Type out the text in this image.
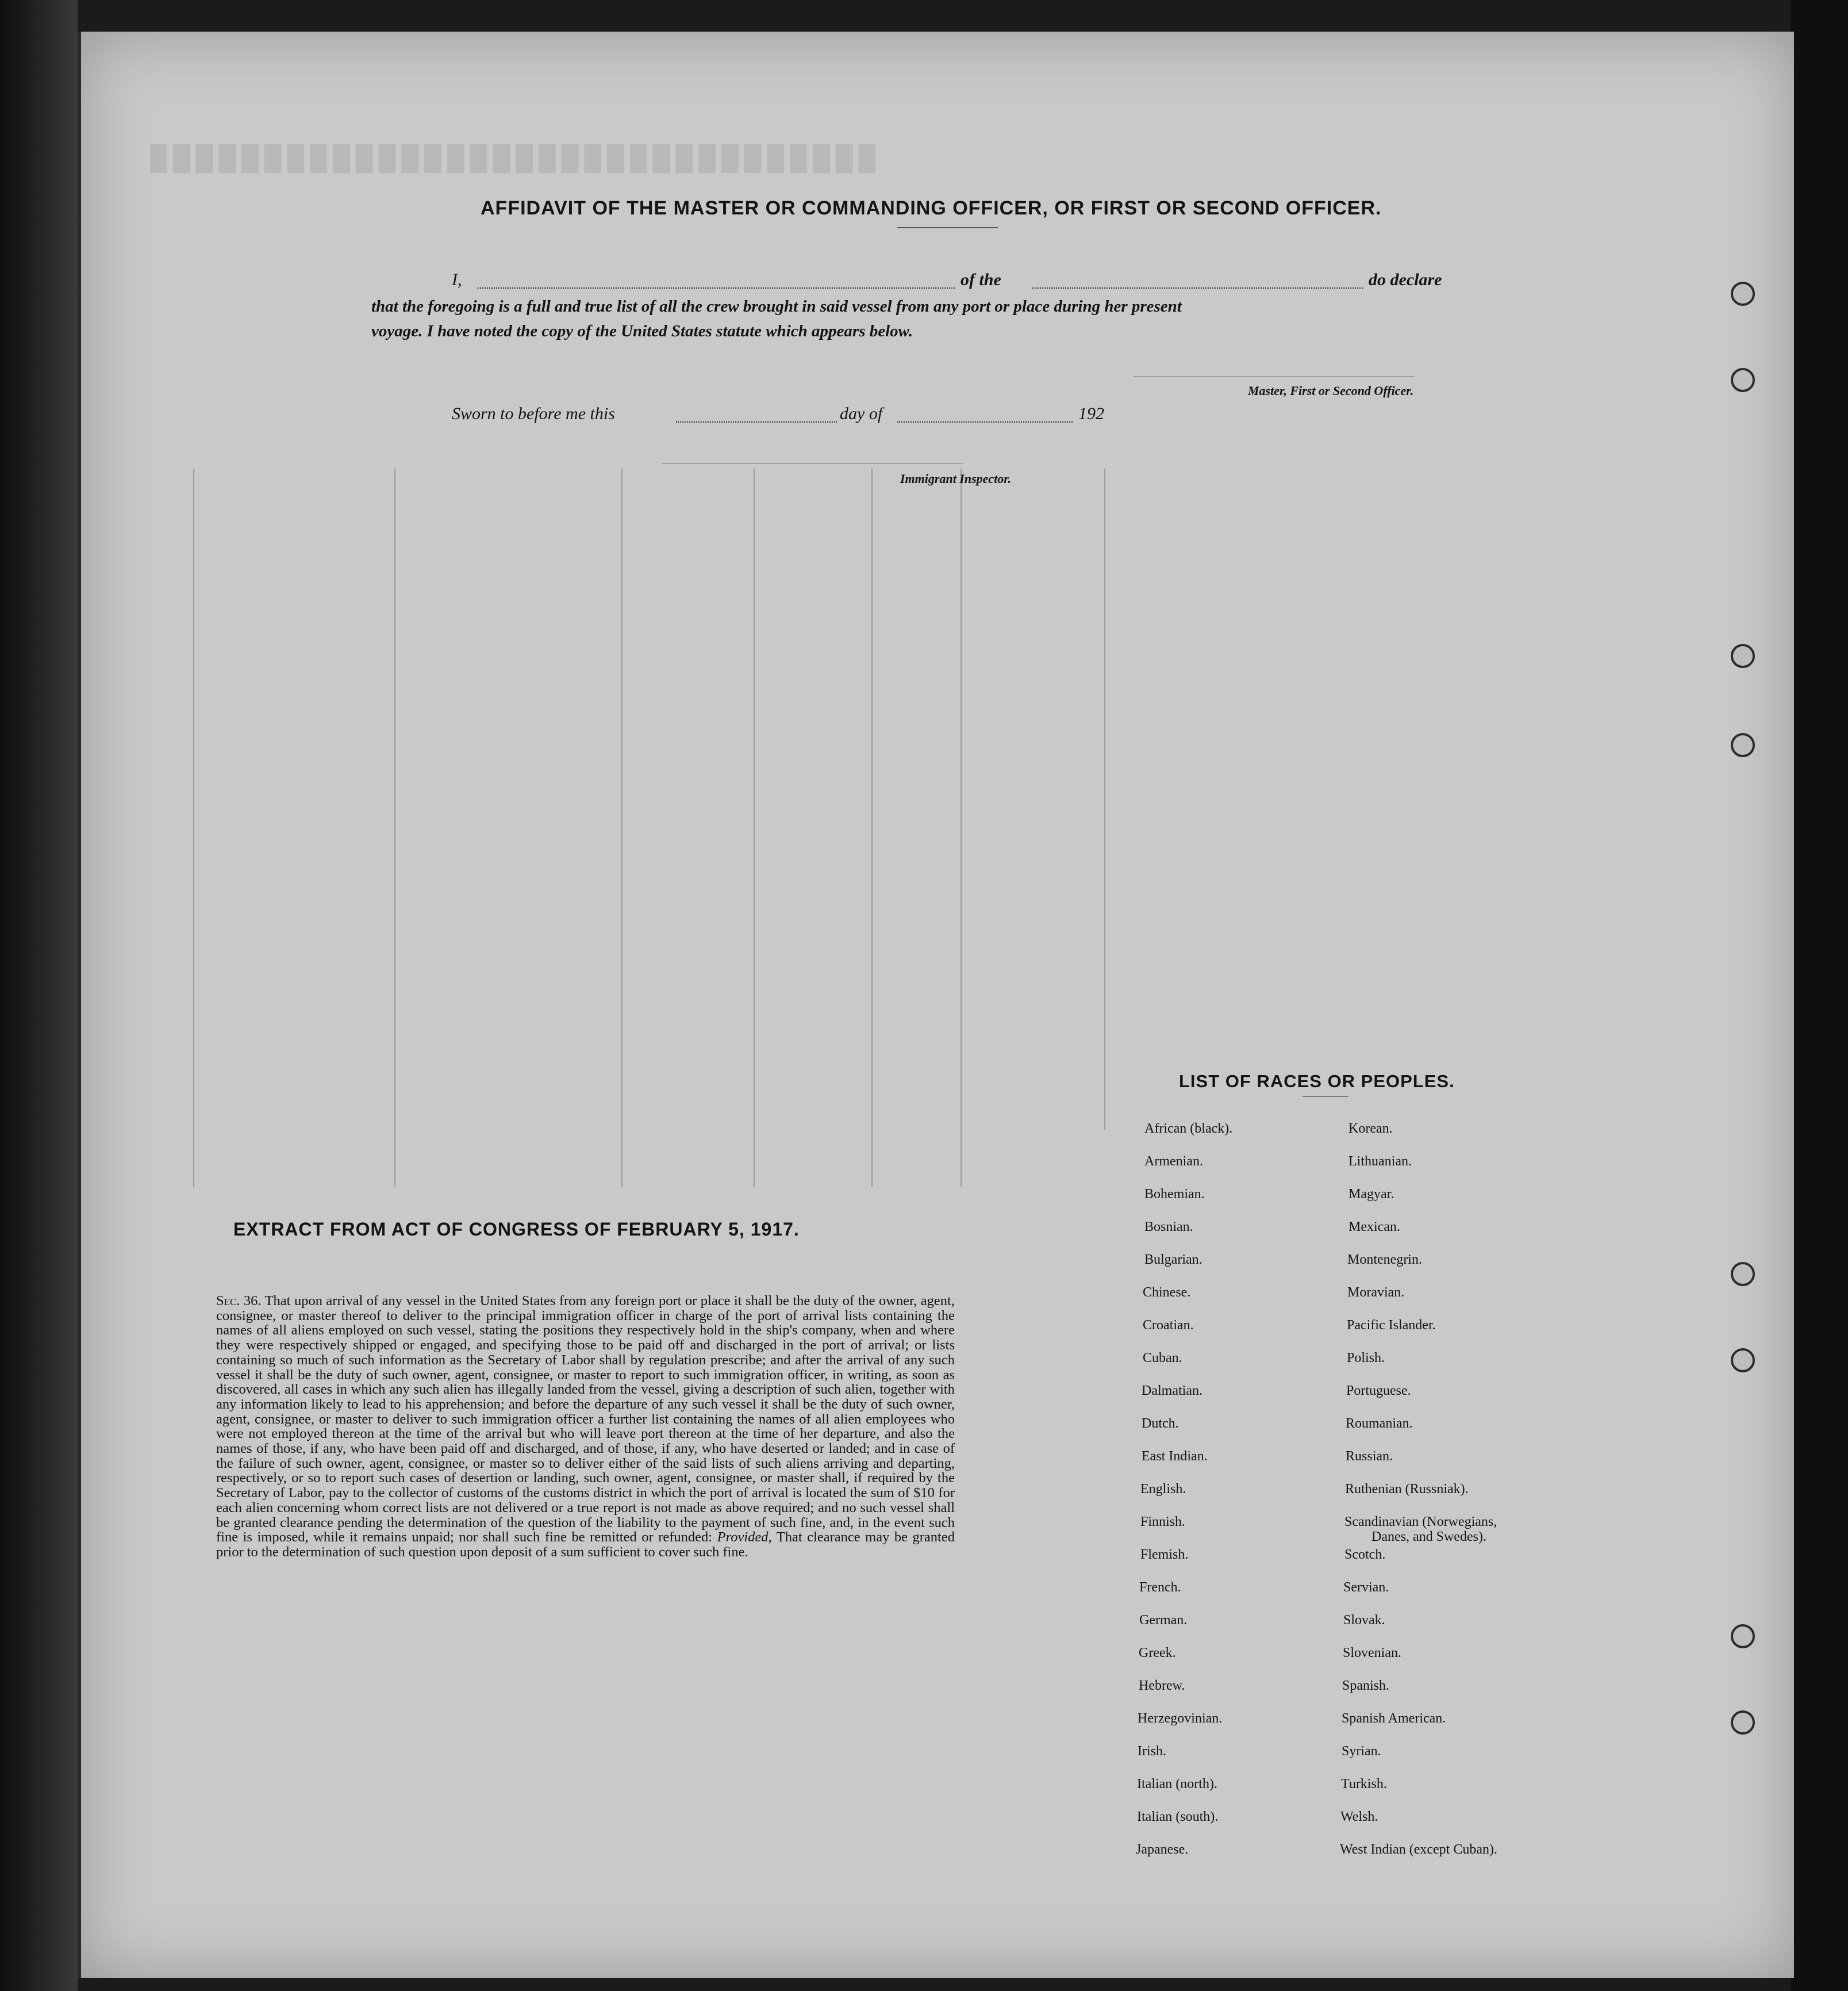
████████████████████████████████
AFFIDAVIT OF THE MASTER OR COMMANDING OFFICER, OR FIRST OR SECOND OFFICER.
I,	of the	do declare
that the foregoing is a full and true list of all the crew brought in said vessel from any port or place during her present
voyage. I have noted the copy of the United States statute which appears below.
Master, First or Second Officer.
Sworn to before me this	day of	192
Immigrant Inspector.
EXTRACT FROM ACT OF CONGRESS OF FEBRUARY 5, 1917.
Sec. 36. That upon arrival of any vessel in the United States from any foreign port or place it shall be the duty of the owner, agent, consignee, or master thereof to deliver to the principal immigration officer in charge of the port of arrival lists containing the names of all aliens employed on such vessel, stating the positions they respectively hold in the ship's company, when and where they were respectively shipped or engaged, and specifying those to be paid off and discharged in the port of arrival; or lists containing so much of such information as the Secretary of Labor shall by regulation prescribe; and after the arrival of any such vessel it shall be the duty of such owner, agent, consignee, or master to report to such immigration officer, in writing, as soon as discovered, all cases in which any such alien has illegally landed from the vessel, giving a description of such alien, together with any information likely to lead to his apprehension; and before the departure of any such vessel it shall be the duty of such owner, agent, consignee, or master to deliver to such immigration officer a further list containing the names of all alien employees who were not employed thereon at the time of the arrival but who will leave port thereon at the time of her departure, and also the names of those, if any, who have been paid off and discharged, and of those, if any, who have deserted or landed; and in case of the failure of such owner, agent, consignee, or master so to deliver either of the said lists of such aliens arriving and departing, respectively, or so to report such cases of desertion or landing, such owner, agent, consignee, or master shall, if required by the Secretary of Labor, pay to the collector of customs of the customs district in which the port of arrival is located the sum of $10 for each alien concerning whom correct lists are not delivered or a true report is not made as above required; and no such vessel shall be granted clearance pending the determination of the question of the liability to the payment of such fine, and, in the event such fine is imposed, while it remains unpaid; nor shall such fine be remitted or refunded: Provided, That clearance may be granted prior to the determination of such question upon deposit of a sum sufficient to cover such fine.
LIST OF RACES OR PEOPLES.
African (black).
Armenian.
Bohemian.
Bosnian.
Bulgarian.
Chinese.
Croatian.
Cuban.
Dalmatian.
Dutch.
East Indian.
English.
Finnish.
Flemish.
French.
German.
Greek.
Hebrew.
Herzegovinian.
Irish.
Italian (north).
Italian (south).
Japanese.
Korean.
Lithuanian.
Magyar.
Mexican.
Montenegrin.
Moravian.
Pacific Islander.
Polish.
Portuguese.
Roumanian.
Russian.
Ruthenian (Russniak).
Scandinavian (Norwegians,
Danes, and Swedes).
Scotch.
Servian.
Slovak.
Slovenian.
Spanish.
Spanish American.
Syrian.
Turkish.
Welsh.
West Indian (except Cuban).
